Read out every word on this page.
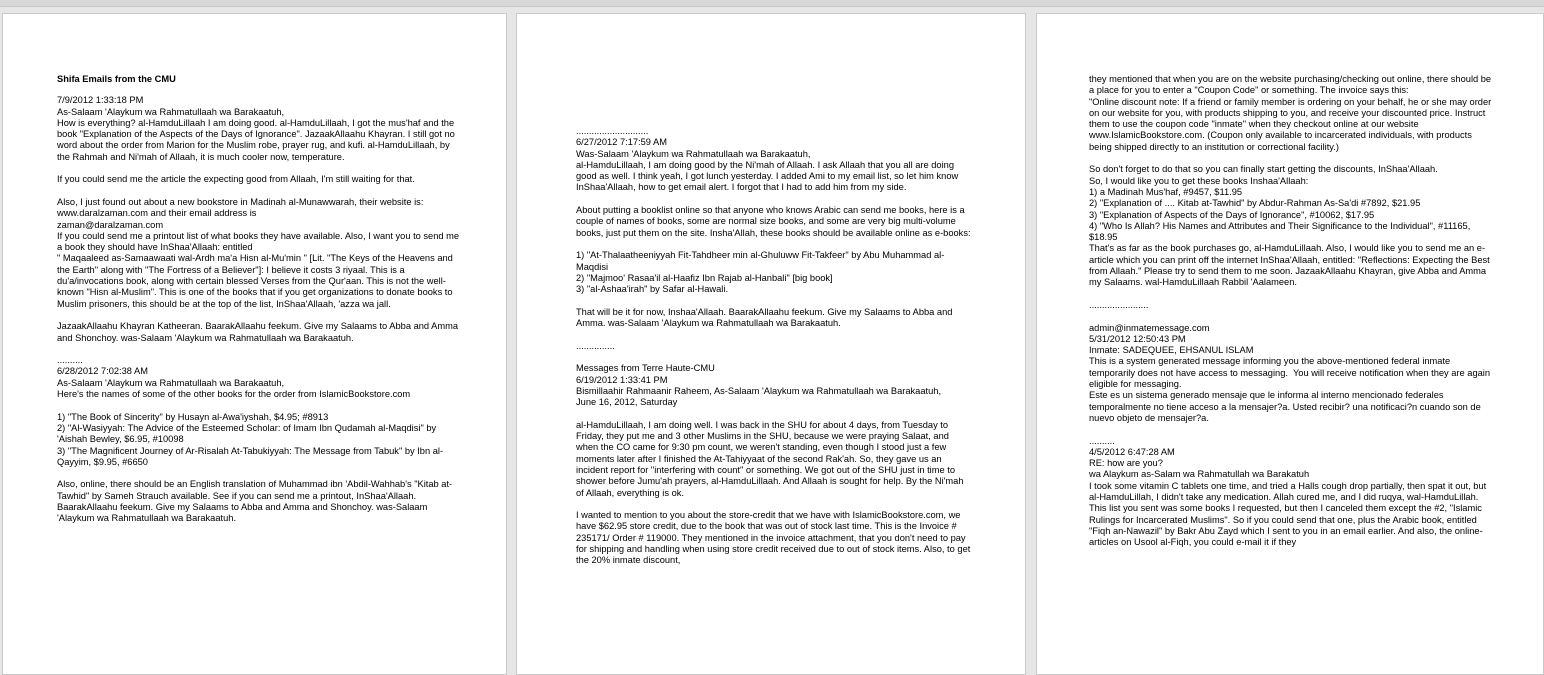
Shifa Emails from the CMU

7/9/2012 1:33:18 PM
As-Salaam 'Alaykum wa Rahmatullaah wa Barakaatuh,
How is everything? al-HamduLillaah I am doing good. al-HamduLillaah, I got the mus'haf and the book "Explanation of the Aspects of the Days of Ignorance". JazaakAllaahu Khayran. I still got no word about the order from Marion for the Muslim robe, prayer rug, and kufi. al-HamduLillaah, by the Rahmah and Ni'mah of Allaah, it is much cooler now, temperature.

If you could send me the article the expecting good from Allaah, I'm still waiting for that.

Also, I just found out about a new bookstore in Madinah al-Munawwarah, their website is: www.daralzaman.com and their email address is
zaman@daralzaman.com
If you could send me a printout list of what books they have available. Also, I want you to send me a book they should have InShaa'Allaah: entitled
" Maqaaleed as-Samaawaati wal-Ardh ma'a Hisn al-Mu'min " [Lit. "The Keys of the Heavens and the Earth" along with "The Fortress of a Believer"]: I believe it costs 3 riyaal. This is a du'a/invocations book, along with certain blessed Verses from the Qur'aan. This is not the well-known "Hisn al-Muslim". This is one of the books that if you get organizations to donate books to Muslim prisoners, this should be at the top of the list, InShaa'Allaah, 'azza wa jall.

JazaakAllaahu Khayran Katheeran. BaarakAllaahu feekum. Give my Salaams to Abba and Amma and Shonchoy. was-Salaam 'Alaykum wa Rahmatullaah wa Barakaatuh.

..........
6/28/2012 7:02:38 AM
As-Salaam 'Alaykum wa Rahmatullaah wa Barakaatuh,
Here's the names of some of the other books for the order from IslamicBookstore.com

1) "The Book of Sincerity" by Husayn al-Awa'iyshah, $4.95; #8913
2) "Al-Wasiyyah: The Advice of the Esteemed Scholar: of Imam Ibn Qudamah al-Maqdisi" by 'Aishah Bewley, $6.95, #10098
3) "The Magnificent Journey of Ar-Risalah At-Tabukiyyah: The Message from Tabuk" by Ibn al-Qayyim, $9.95, #6650

Also, online, there should be an English translation of Muhammad ibn 'Abdil-Wahhab's "Kitab at-Tawhid" by Sameh Strauch available. See if you can send me a printout, InShaa'Allaah. BaarakAllaahu feekum. Give my Salaams to Abba and Amma and Shonchoy. was-Salaam 'Alaykum wa Rahmatullaah wa Barakaatuh.

............................
6/27/2012 7:17:59 AM
Was-Salaam 'Alaykum wa Rahmatullaah wa Barakaatuh,
al-HamduLillaah, I am doing good by the Ni'mah of Allaah. I ask Allaah that you all are doing good as well. I think yeah, I got lunch yesterday. I added Ami to my email list, so let him know InShaa'Allaah, how to get email alert. I forgot that I had to add him from my side.

About putting a booklist online so that anyone who knows Arabic can send me books, here is a couple of names of books, some are normal size books, and some are very big multi-volume books, just put them on the site. Insha'Allah, these books should be available online as e-books:

1) "At-Thalaatheeniyyah Fit-Tahdheer min al-Ghuluww Fit-Takfeer" by Abu Muhammad al-Maqdisi
2) "Majmoo' Rasaa'il al-Haafiz Ibn Rajab al-Hanbali" [big book]
3) "al-Ashaa'irah" by Safar al-Hawali.

That will be it for now, Inshaa'Allaah. BaarakAllaahu feekum. Give my Salaams to Abba and Amma. was-Salaam 'Alaykum wa Rahmatullaah wa Barakaatuh.

...............

Messages from Terre Haute-CMU
6/19/2012 1:33:41 PM
Bismillaahir Rahmaanir Raheem, As-Salaam 'Alaykum wa Rahmatullaah wa Barakaatuh,
June 16, 2012, Saturday

al-HamduLillaah, I am doing well. I was back in the SHU for about 4 days, from Tuesday to Friday, they put me and 3 other Muslims in the SHU, because we were praying Salaat, and when the CO came for 9:30 pm count, we weren't standing, even though I stood just a few moments later after I finished the At-Tahiyyaat of the second Rak'ah. So, they gave us an incident report for "interfering with count" or something. We got out of the SHU just in time to shower before Jumu'ah prayers, al-HamduLillaah. And Allaah is sought for help. By the Ni'mah of Allaah, everything is ok.

I wanted to mention to you about the store-credit that we have with IslamicBookstore.com, we have $62.95 store credit, due to the book that was out of stock last time. This is the Invoice # 235171/ Order # 119000. They mentioned in the invoice attachment, that you don't need to pay for shipping and handling when using store credit received due to out of stock items. Also, to get the 20% inmate discount,

they mentioned that when you are on the website purchasing/checking out online, there should be a place for you to enter a "Coupon Code" or something. The invoice says this:
"Online discount note: If a friend or family member is ordering on your behalf, he or she may order on our website for you, with products shipping to you, and receive your discounted price. Instruct them to use the coupon code "inmate" when they checkout online at our website www.IslamicBookstore.com. (Coupon only available to incarcerated individuals, with products being shipped directly to an institution or correctional facility.)

So don't forget to do that so you can finally start getting the discounts, InShaa'Allaah.
So, I would like you to get these books Inshaa'Allaah:
1) a Madinah Mus'haf, #9457, $11.95
2) "Explanation of .... Kitab at-Tawhid" by Abdur-Rahman As-Sa'di #7892, $21.95
3) "Explanation of Aspects of the Days of Ignorance", #10062, $17.95
4) "Who Is Allah? His Names and Attributes and Their Significance to the Individual", #11165, $18.95
That's as far as the book purchases go, al-HamduLillaah. Also, I would like you to send me an e-article which you can print off the internet InShaa'Allaah, entitled: "Reflections: Expecting the Best from Allaah." Please try to send them to me soon. JazaakAllaahu Khayran, give Abba and Amma my Salaams. wal-HamduLillaah Rabbil 'Aalameen.

.......................

admin@inmatemessage.com
5/31/2012 12:50:43 PM
Inmate: SADEQUEE, EHSANUL ISLAM
This is a system generated message informing you the above-mentioned federal inmate temporarily does not have access to messaging.  You will receive notification when they are again eligible for messaging.
Este es un sistema generado mensaje que le informa al interno mencionado federales temporalmente no tiene acceso a la mensajer?a. Usted recibir? una notificaci?n cuando son de nuevo objeto de mensajer?a.

..........
4/5/2012 6:47:28 AM
RE: how are you?
wa Alaykum as-Salam wa Rahmatullah wa Barakatuh
I took some vitamin C tablets one time, and tried a Halls cough drop partially, then spat it out, but al-HamduLillah, I didn't take any medication. Allah cured me, and I did ruqya, wal-HamduLillah.
This list you sent was some books I requested, but then I canceled them except the #2, "Islamic Rulings for Incarcerated Muslims". So if you could send that one, plus the Arabic book, entitled "Fiqh an-Nawazil" by Bakr Abu Zayd which I sent to you in an email earlier. And also, the online-articles on Usool al-Fiqh, you could e-mail it if they
